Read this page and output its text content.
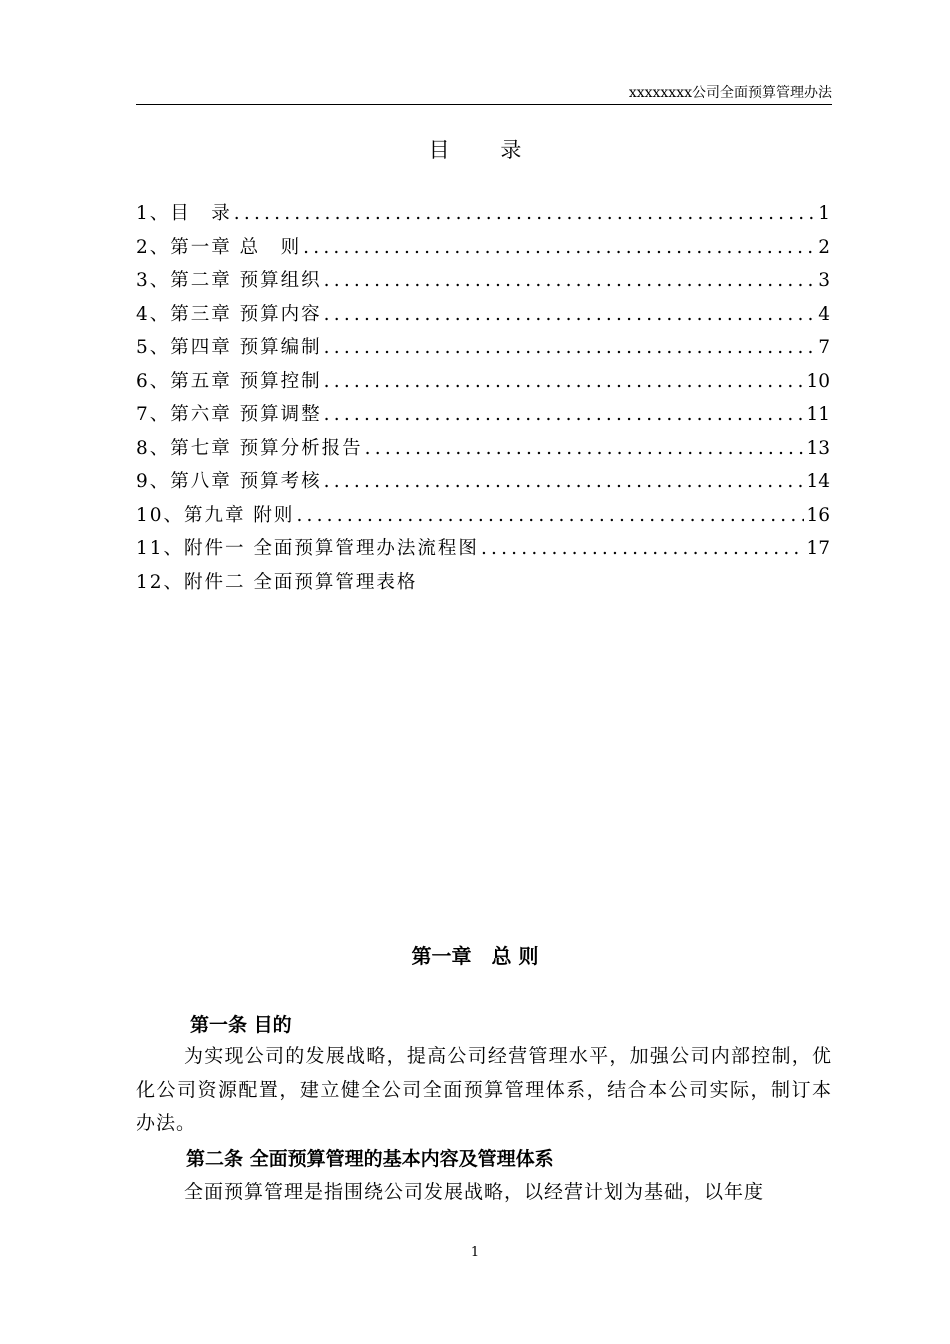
xxxxxxxx公司全面预算管理办法
目 录
1、 目　录 .....	1
2、 第一章 总　则 .....	2
3、 第二章 预算组织 .....	3
4、 第三章 预算内容 .....	4
5、 第四章 预算编制 .....	7
6、 第五章 预算控制 .....	10
7、 第六章 预算调整 .....	11
8、 第七章 预算分析报告 .....	13
9、 第八章 预算考核 .....	14
10、 第九章 附则 .....	16
11、 附件一 全面预算管理办法流程图 .....	17
12、 附件二 全面预算管理表格
第一章　总 则
第一条 目的
为实现公司的发展战略，提高公司经营管理水平，加强公司内部控制，优化公司资源配置，建立健全公司全面预算管理体系，结合本公司实际，制订本办法。
第二条 全面预算管理的基本内容及管理体系
全面预算管理是指围绕公司发展战略，以经营计划为基础，以年度
1
